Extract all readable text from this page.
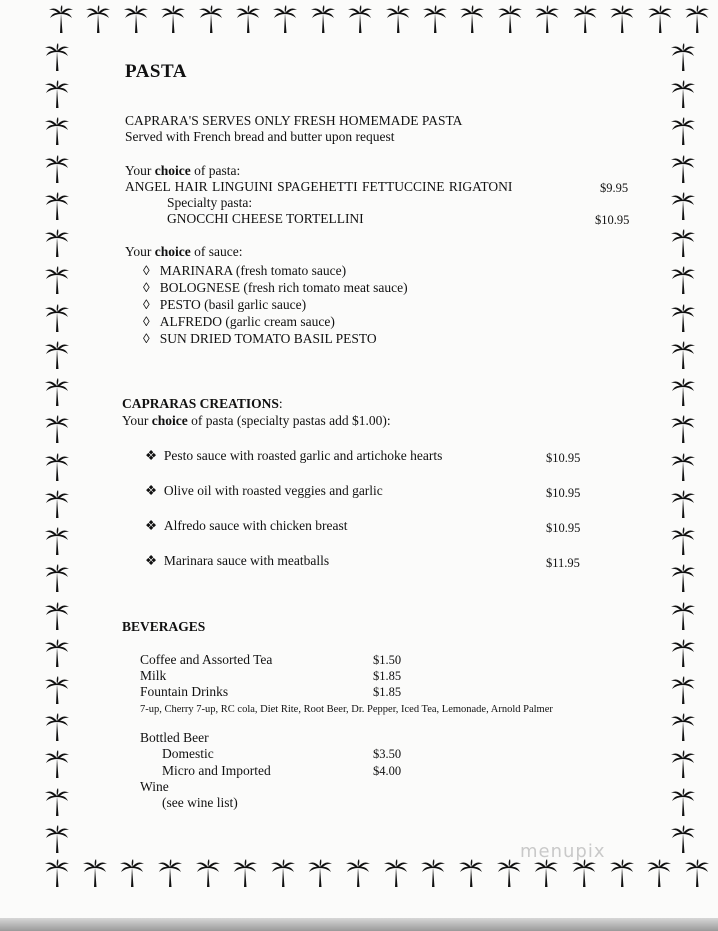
PASTA
CAPRARA'S SERVES ONLY FRESH HOMEMADE PASTA
Served with French bread and butter upon request
Your choice of pasta:
ANGEL HAIR LINGUINI SPAGEHETTI FETTUCCINE RIGATONI	$9.95
Specialty pasta:
GNOCCHI CHEESE TORTELLINI	$10.95
Your choice of sauce:
◊ MARINARA (fresh tomato sauce)
◊ BOLOGNESE (fresh rich tomato meat sauce)
◊ PESTO (basil garlic sauce)
◊ ALFREDO (garlic cream sauce)
◊ SUN DRIED TOMATO BASIL PESTO
CAPRARAS CREATIONS:
Your choice of pasta (specialty pastas add $1.00):
❖ Pesto sauce with roasted garlic and artichoke hearts	$10.95
❖ Olive oil with roasted veggies and garlic	$10.95
❖ Alfredo sauce with chicken breast	$10.95
❖ Marinara sauce with meatballs	$11.95
BEVERAGES
Coffee and Assorted Tea	$1.50
Milk	$1.85
Fountain Drinks	$1.85
7-up, Cherry 7-up, RC cola, Diet Rite, Root Beer, Dr. Pepper, Iced Tea, Lemonade, Arnold Palmer
Bottled Beer
Domestic	$3.50
Micro and Imported	$4.00
Wine
(see wine list)
menupix
